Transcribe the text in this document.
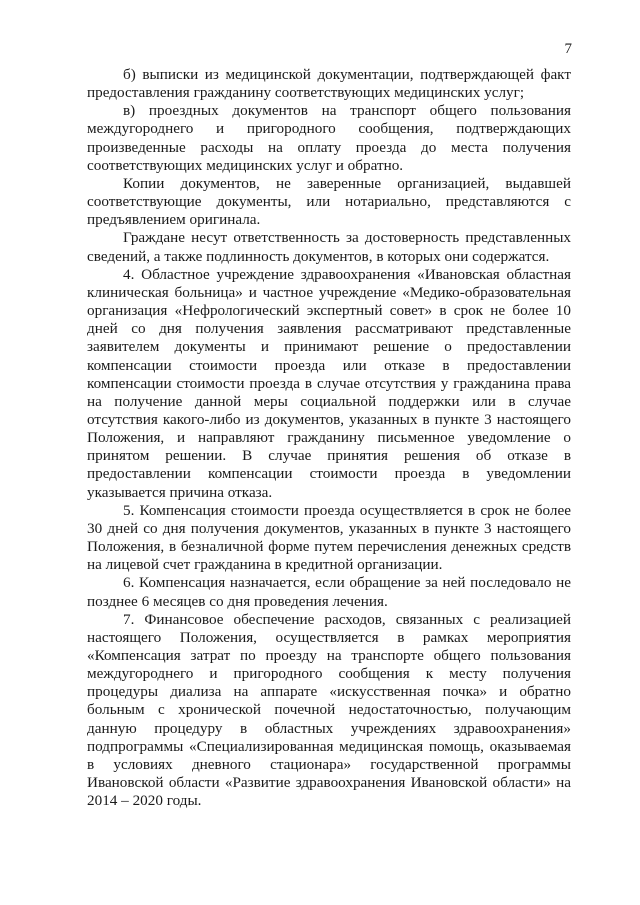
7

б) выписки из медицинской документации, подтверждающей факт предоставления гражданину соответствующих медицинских услуг;

в) проездных документов на транспорт общего пользования междугороднего и пригородного сообщения, подтверждающих произведенные расходы на оплату проезда до места получения соответствующих медицинских услуг и обратно.

Копии документов, не заверенные организацией, выдавшей соответствующие документы, или нотариально, представляются с предъявлением оригинала.

Граждане несут ответственность за достоверность представленных сведений, а также подлинность документов, в которых они содержатся.

4. Областное учреждение здравоохранения «Ивановская областная клиническая больница» и частное учреждение «Медико-образовательная организация «Нефрологический экспертный совет» в срок не более 10 дней со дня получения заявления рассматривают представленные заявителем документы и принимают решение о предоставлении компенсации стоимости проезда или отказе в предоставлении компенсации стоимости проезда в случае отсутствия у гражданина права на получение данной меры социальной поддержки или в случае отсутствия какого-либо из документов, указанных в пункте 3 настоящего Положения, и направляют гражданину письменное уведомление о принятом решении. В случае принятия решения об отказе в предоставлении компенсации стоимости проезда в уведомлении указывается причина отказа.

5. Компенсация стоимости проезда осуществляется в срок не более 30 дней со дня получения документов, указанных в пункте 3 настоящего Положения, в безналичной форме путем перечисления денежных средств на лицевой счет гражданина в кредитной организации.

6. Компенсация назначается, если обращение за ней последовало не позднее 6 месяцев со дня проведения лечения.

7. Финансовое обеспечение расходов, связанных с реализацией настоящего Положения, осуществляется в рамках мероприятия «Компенсация затрат по проезду на транспорте общего пользования междугороднего и пригородного сообщения к месту получения процедуры диализа на аппарате «искусственная почка» и обратно больным с хронической почечной недостаточностью, получающим данную процедуру в областных учреждениях здравоохранения» подпрограммы «Специализированная медицинская помощь, оказываемая в условиях дневного стационара» государственной программы Ивановской области «Развитие здравоохранения Ивановской области» на 2014 – 2020 годы.
